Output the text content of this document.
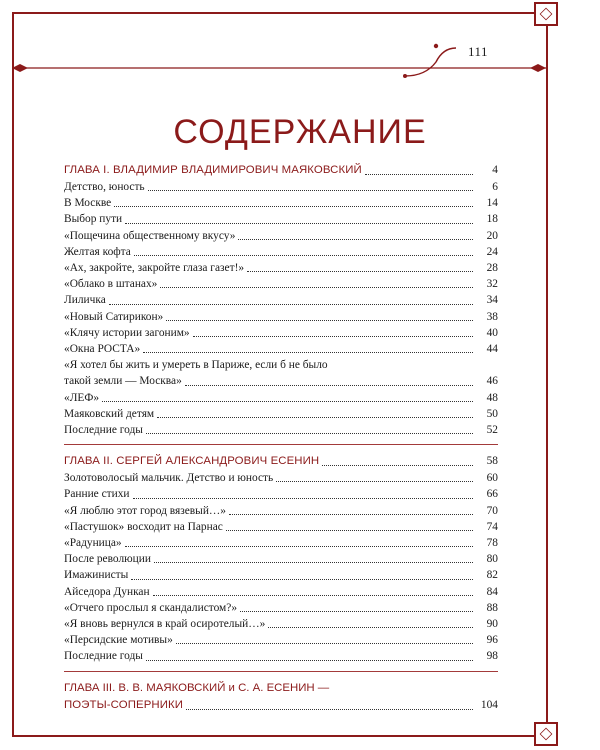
111
СОДЕРЖАНИЕ
ГЛАВА I. ВЛАДИМИР ВЛАДИМИРОВИЧ МАЯКОВСКИЙ	4
Детство, юность	6
В Москве	14
Выбор пути	18
«Пощечина общественному вкусу»	20
Желтая кофта	24
«Ах, закройте, закройте глаза газет!»	28
«Облако в штанах»	32
Лиличка	34
«Новый Сатирикон»	38
«Клячу истории загоним»	40
«Окна РОСТА»	44
«Я хотел бы жить и умереть в Париже, если б не было
такой земли — Москва»	46
«ЛЕФ»	48
Маяковский детям	50
Последние годы	52
ГЛАВА II. СЕРГЕЙ АЛЕКСАНДРОВИЧ ЕСЕНИН	58
Золотоволосый мальчик. Детство и юность	60
Ранние стихи	66
«Я люблю этот город вязевый…»	70
«Пастушок» восходит на Парнас	74
«Радуница»	78
После революции	80
Имажинисты	82
Айседора Дункан	84
«Отчего прослыл я скандалистом?»	88
«Я вновь вернулся в край осиротелый…»	90
«Персидские мотивы»	96
Последние годы	98
ГЛАВА III. В. В. МАЯКОВСКИЙ и С. А. ЕСЕНИН —
ПОЭТЫ-СОПЕРНИКИ	104
